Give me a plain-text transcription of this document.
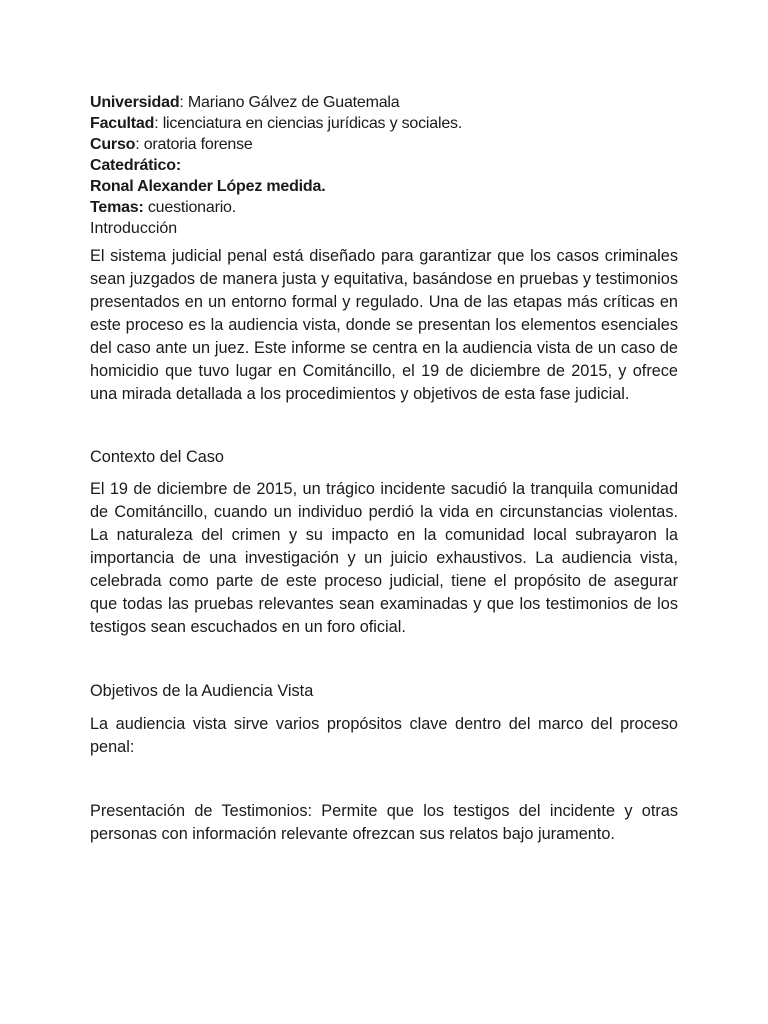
Universidad: Mariano Gálvez de Guatemala
Facultad: licenciatura en ciencias jurídicas y sociales.
Curso: oratoria forense
Catedrático:
Ronal Alexander López medida.
Temas: cuestionario.
Introducción

El sistema judicial penal está diseñado para garantizar que los casos criminales sean juzgados de manera justa y equitativa, basándose en pruebas y testimonios presentados en un entorno formal y regulado. Una de las etapas más críticas en este proceso es la audiencia vista, donde se presentan los elementos esenciales del caso ante un juez. Este informe se centra en la audiencia vista de un caso de homicidio que tuvo lugar en Comitáncillo, el 19 de diciembre de 2015, y ofrece una mirada detallada a los procedimientos y objetivos de esta fase judicial.

Contexto del Caso

El 19 de diciembre de 2015, un trágico incidente sacudió la tranquila comunidad de Comitáncillo, cuando un individuo perdió la vida en circunstancias violentas. La naturaleza del crimen y su impacto en la comunidad local subrayaron la importancia de una investigación y un juicio exhaustivos. La audiencia vista, celebrada como parte de este proceso judicial, tiene el propósito de asegurar que todas las pruebas relevantes sean examinadas y que los testimonios de los testigos sean escuchados en un foro oficial.

Objetivos de la Audiencia Vista

La audiencia vista sirve varios propósitos clave dentro del marco del proceso penal:

Presentación de Testimonios: Permite que los testigos del incidente y otras personas con información relevante ofrezcan sus relatos bajo juramento.
